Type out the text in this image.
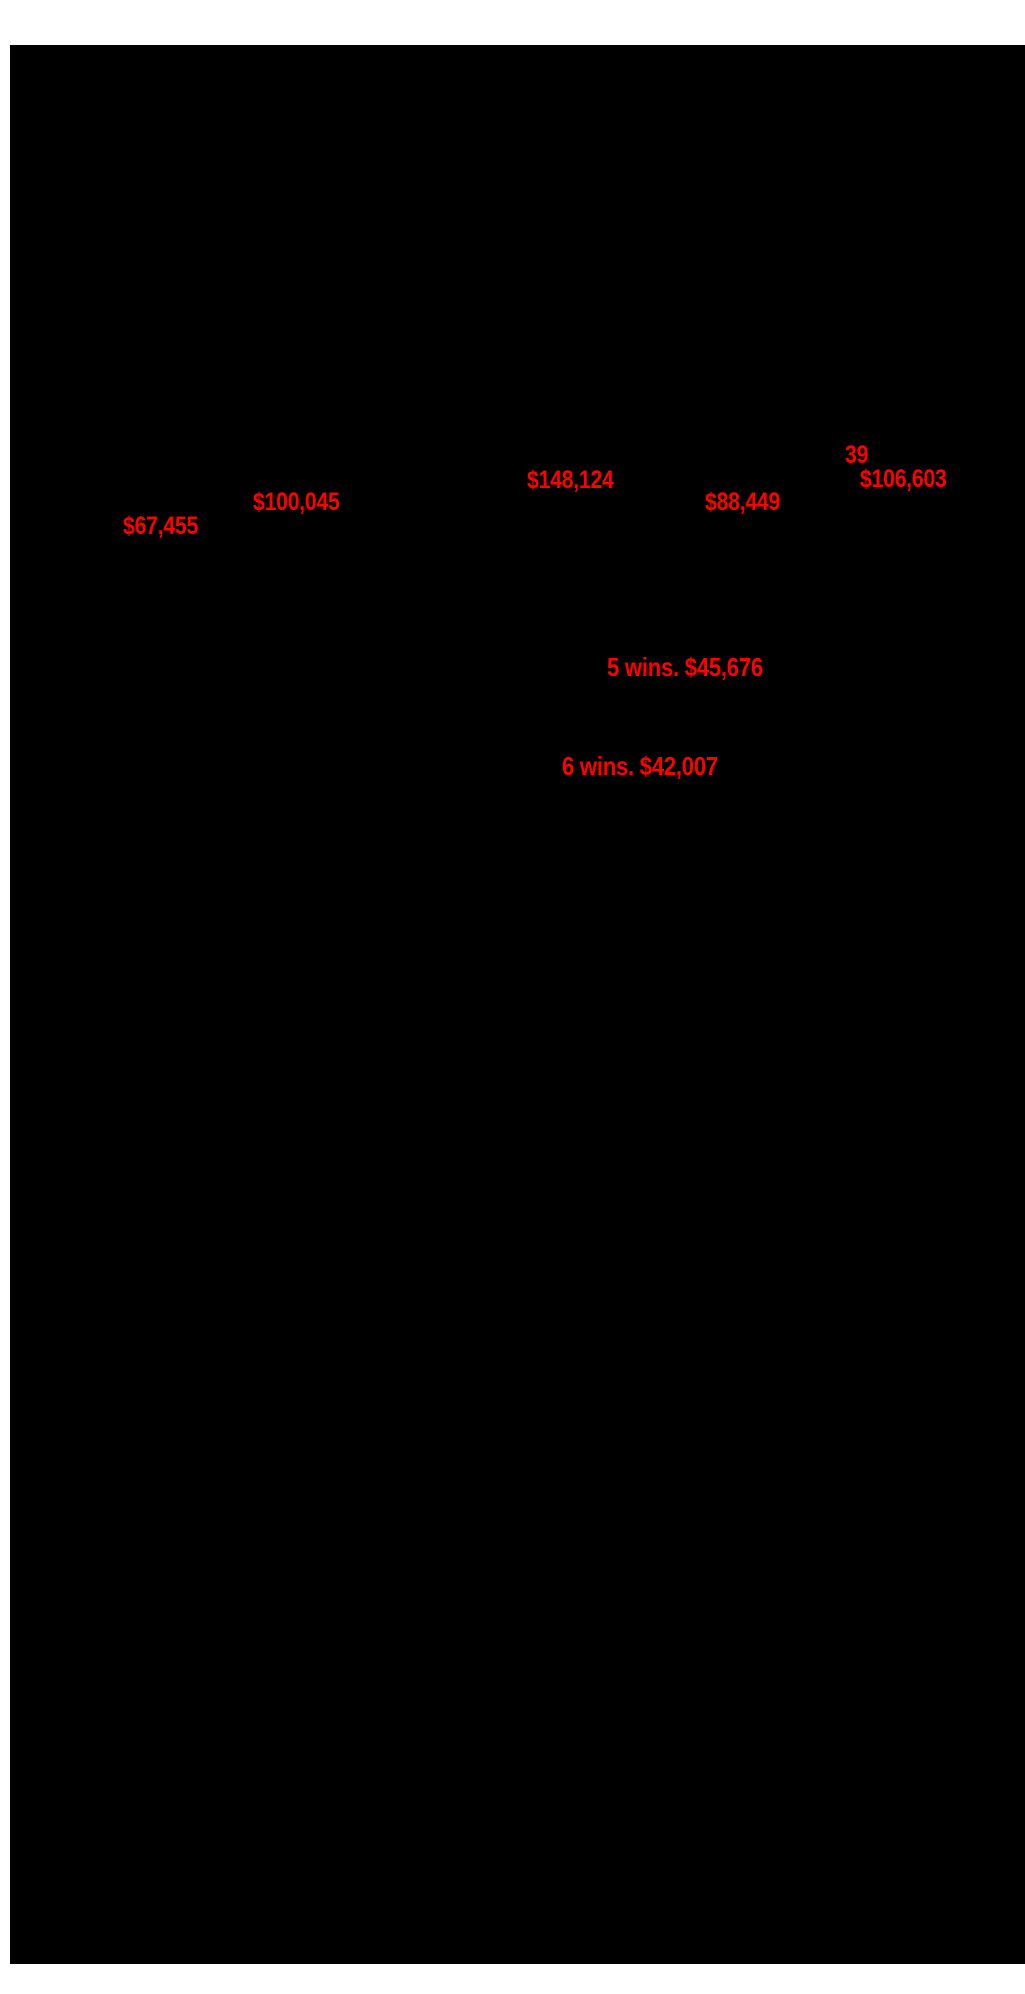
$67,455
$100,045
$148,124
$88,449
39
$106,603
5 wins. $45,676
6 wins. $42,007
